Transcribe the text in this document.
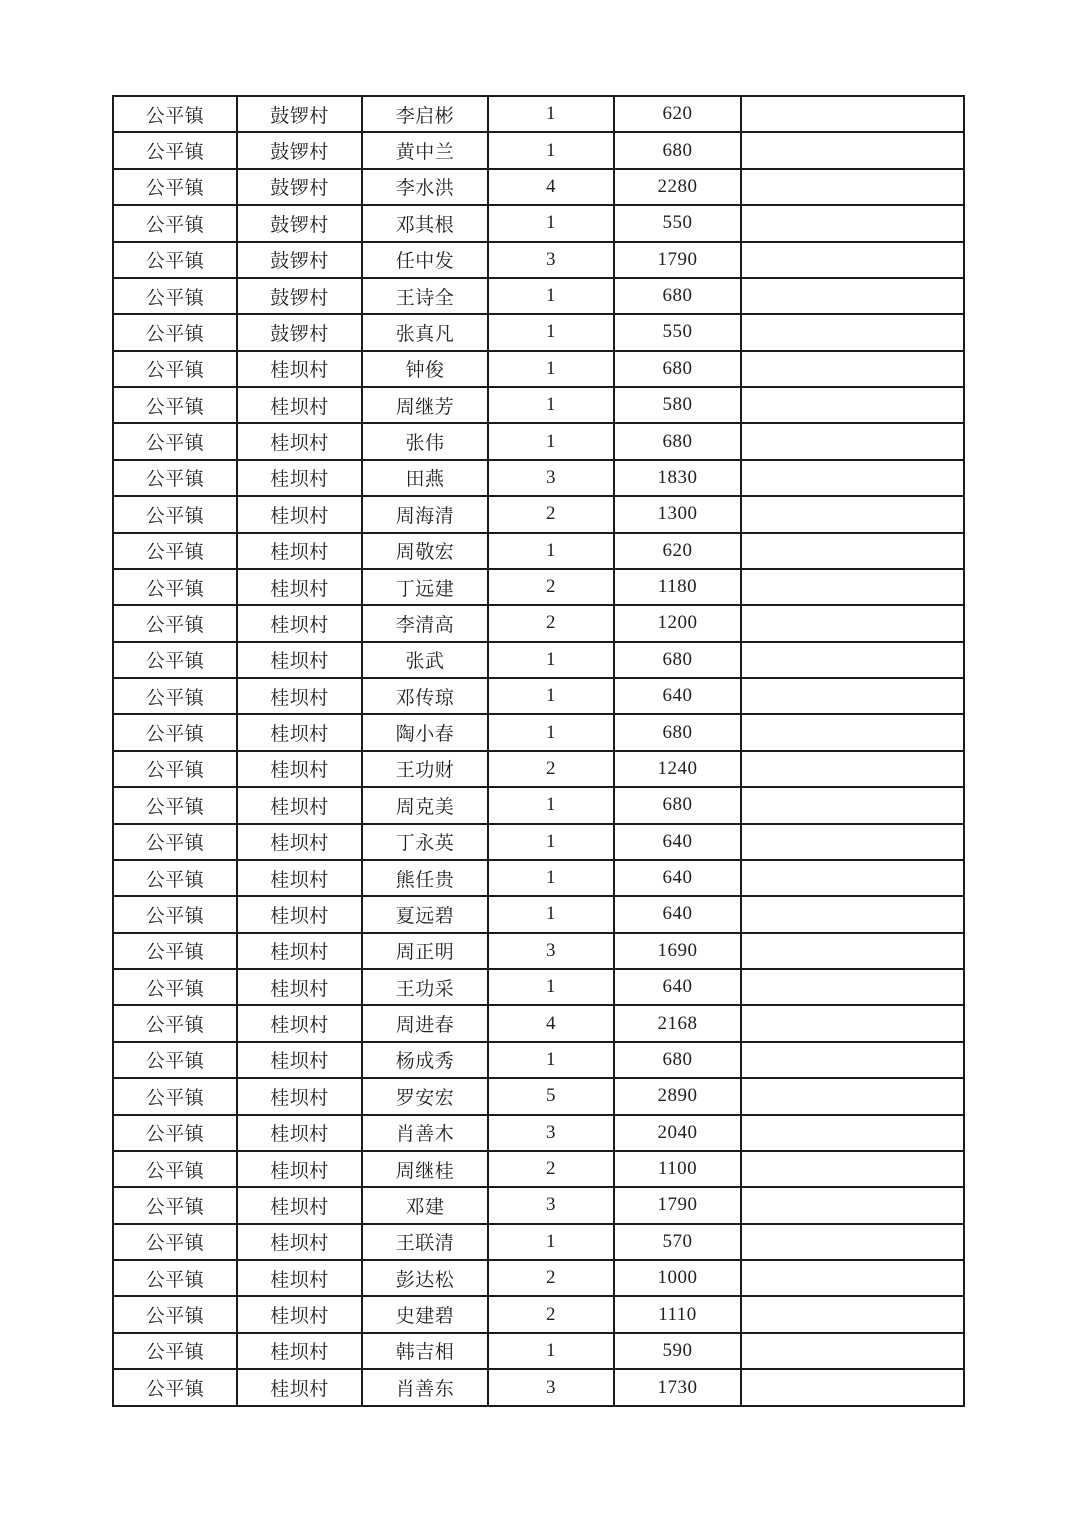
公平镇	鼓锣村	李启彬	1	620	
公平镇	鼓锣村	黄中兰	1	680	
公平镇	鼓锣村	李水洪	4	2280	
公平镇	鼓锣村	邓其根	1	550	
公平镇	鼓锣村	任中发	3	1790	
公平镇	鼓锣村	王诗全	1	680	
公平镇	鼓锣村	张真凡	1	550	
公平镇	桂坝村	钟俊	1	680	
公平镇	桂坝村	周继芳	1	580	
公平镇	桂坝村	张伟	1	680	
公平镇	桂坝村	田燕	3	1830	
公平镇	桂坝村	周海清	2	1300	
公平镇	桂坝村	周敬宏	1	620	
公平镇	桂坝村	丁远建	2	1180	
公平镇	桂坝村	李清高	2	1200	
公平镇	桂坝村	张武	1	680	
公平镇	桂坝村	邓传琼	1	640	
公平镇	桂坝村	陶小春	1	680	
公平镇	桂坝村	王功财	2	1240	
公平镇	桂坝村	周克美	1	680	
公平镇	桂坝村	丁永英	1	640	
公平镇	桂坝村	熊任贵	1	640	
公平镇	桂坝村	夏远碧	1	640	
公平镇	桂坝村	周正明	3	1690	
公平镇	桂坝村	王功采	1	640	
公平镇	桂坝村	周进春	4	2168	
公平镇	桂坝村	杨成秀	1	680	
公平镇	桂坝村	罗安宏	5	2890	
公平镇	桂坝村	肖善木	3	2040	
公平镇	桂坝村	周继桂	2	1100	
公平镇	桂坝村	邓建	3	1790	
公平镇	桂坝村	王联清	1	570	
公平镇	桂坝村	彭达松	2	1000	
公平镇	桂坝村	史建碧	2	1110	
公平镇	桂坝村	韩吉相	1	590	
公平镇	桂坝村	肖善东	3	1730	
